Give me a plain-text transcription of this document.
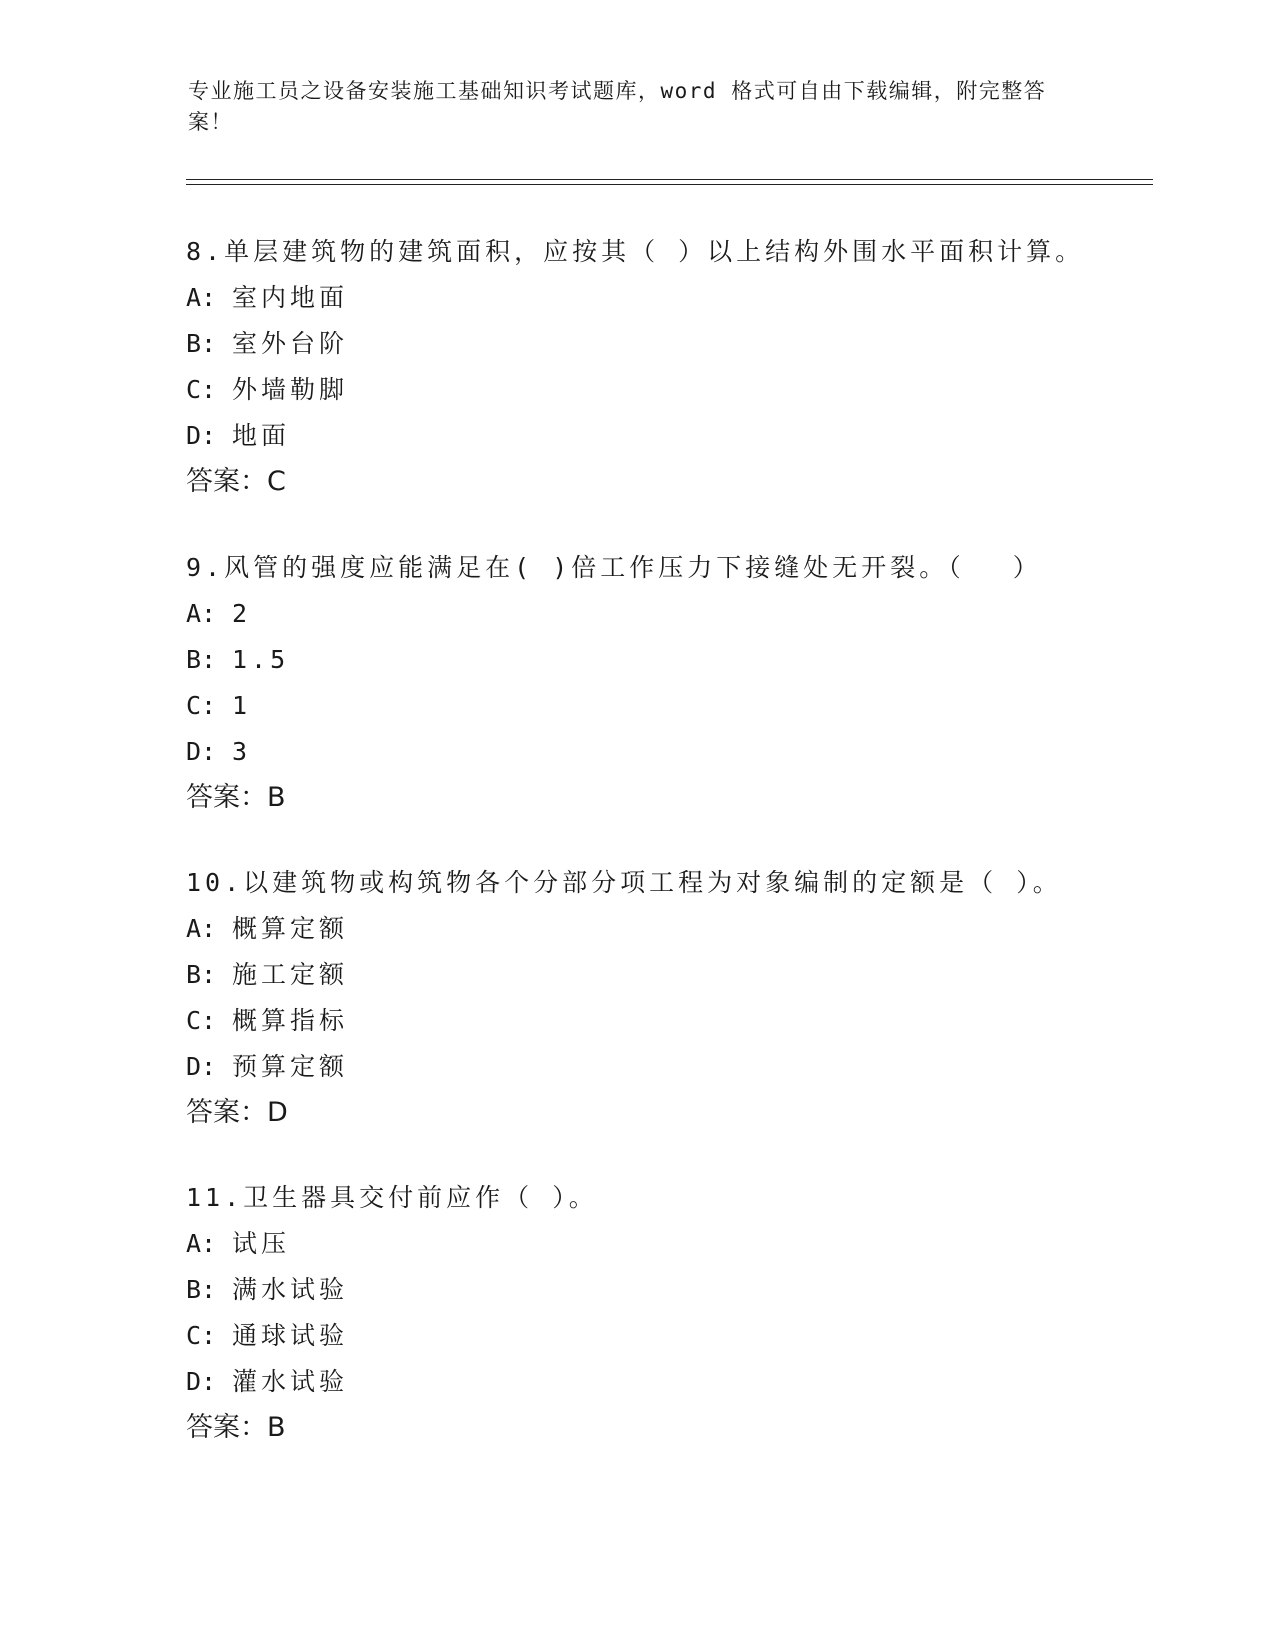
专业施工员之设备安装施工基础知识考试题库，word 格式可自由下载编辑，附完整答案！
8.单层建筑物的建筑面积，应按其（ ）以上结构外围水平面积计算。
A: 室内地面
B: 室外台阶
C: 外墙勒脚
D: 地面
答案：C
9.风管的强度应能满足在( )倍工作压力下接缝处无开裂。（　 ）
A: 2
B: 1.5
C: 1
D: 3
答案：B
10.以建筑物或构筑物各个分部分项工程为对象编制的定额是（ ）。
A: 概算定额
B: 施工定额
C: 概算指标
D: 预算定额
答案：D
11.卫生器具交付前应作（ ）。
A: 试压
B: 满水试验
C: 通球试验
D: 灌水试验
答案：B
